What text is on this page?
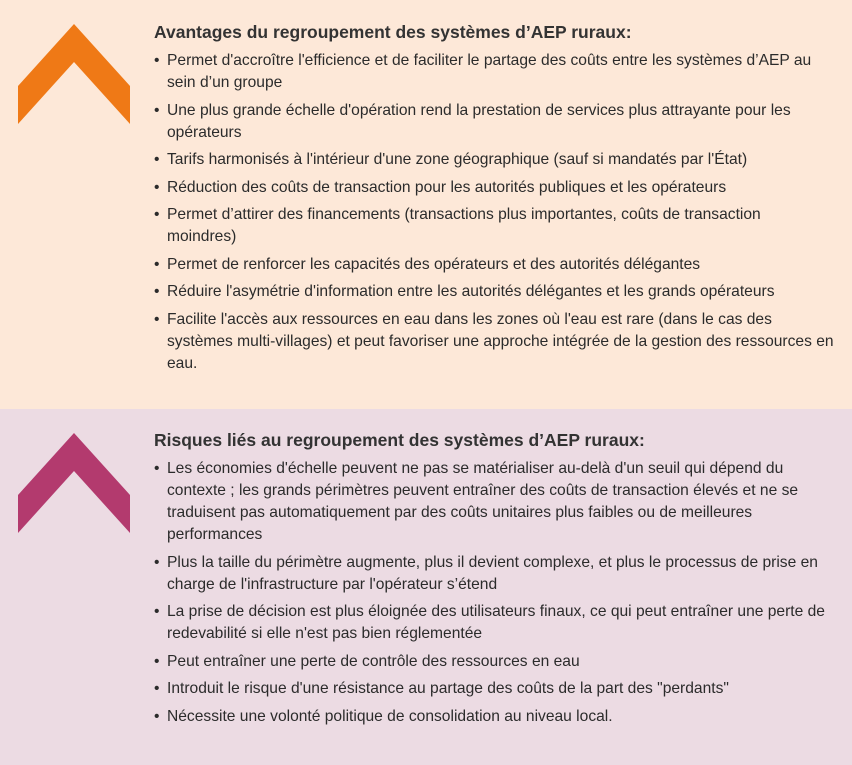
Avantages du regroupement des systèmes d’AEP ruraux:
• Permet d'accroître l'efficience et de faciliter le partage des coûts entre les systèmes d’AEP au sein d’un groupe
• Une plus grande échelle d'opération rend la prestation de services plus attrayante pour les opérateurs
• Tarifs harmonisés à l'intérieur d'une zone géographique (sauf si mandatés par l'État)
• Réduction des coûts de transaction pour les autorités publiques et les opérateurs
• Permet d’attirer des financements (transactions plus importantes, coûts de transaction moindres)
• Permet de renforcer les capacités des opérateurs et des autorités délégantes
• Réduire l'asymétrie d'information entre les autorités délégantes et les grands opérateurs
• Facilite l'accès aux ressources en eau dans les zones où l'eau est rare (dans le cas des systèmes multi-villages) et peut favoriser une approche intégrée de la gestion des ressources en eau.
Risques liés au regroupement des systèmes d’AEP ruraux:
• Les économies d'échelle peuvent ne pas se matérialiser au-delà d'un seuil qui dépend du contexte ; les grands périmètres peuvent entraîner des coûts de transaction élevés et ne se traduisent pas automatiquement par des coûts unitaires plus faibles ou de meilleures performances
• Plus la taille du périmètre augmente, plus il devient complexe, et plus le processus de prise en charge de l'infrastructure par l'opérateur s’étend
• La prise de décision est plus éloignée des utilisateurs finaux, ce qui peut entraîner une perte de redevabilité si elle n'est pas bien réglementée
• Peut entraîner une perte de contrôle des ressources en eau
• Introduit le risque d'une résistance au partage des coûts de la part des "perdants"
• Nécessite une volonté politique de consolidation au niveau local.
